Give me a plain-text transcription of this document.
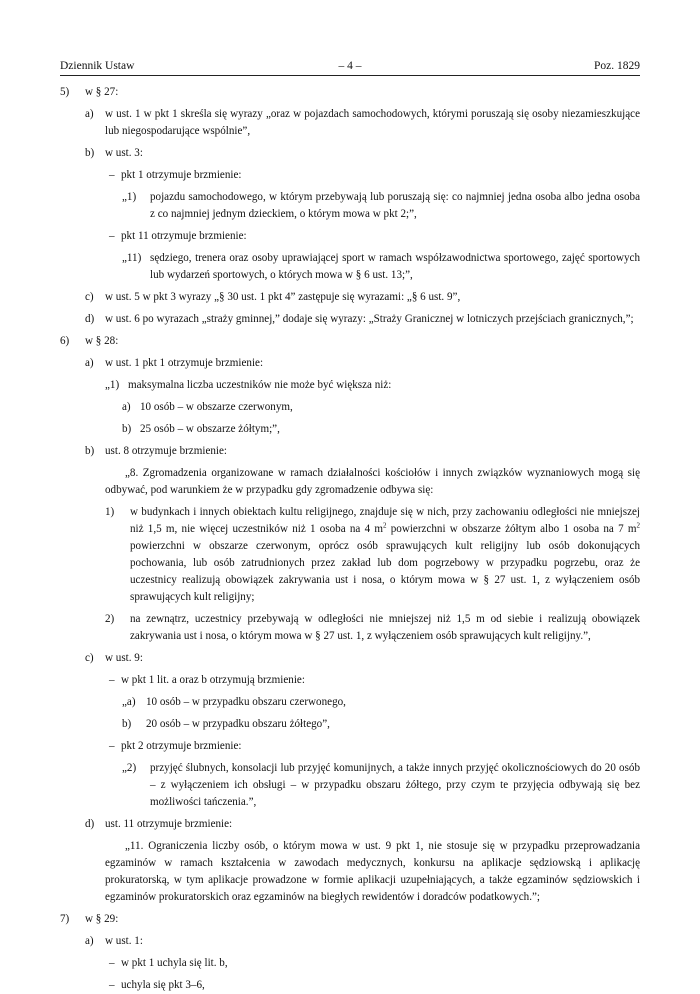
Dziennik Ustaw	– 4 –	Poz. 1829
5) w § 27:
a) w ust. 1 w pkt 1 skreśla się wyrazy „oraz w pojazdach samochodowych, którymi poruszają się osoby niezamieszkujące lub niegospodarujące wspólnie”,
b) w ust. 3:
– pkt 1 otrzymuje brzmienie:
„1) pojazdu samochodowego, w którym przebywają lub poruszają się: co najmniej jedna osoba albo jedna osoba z co najmniej jednym dzieckiem, o którym mowa w pkt 2;”,
– pkt 11 otrzymuje brzmienie:
„11) sędziego, trenera oraz osoby uprawiającej sport w ramach współzawodnictwa sportowego, zajęć sportowych lub wydarzeń sportowych, o których mowa w § 6 ust. 13;”,
c) w ust. 5 w pkt 3 wyrazy „§ 30 ust. 1 pkt 4” zastępuje się wyrazami: „§ 6 ust. 9”,
d) w ust. 6 po wyrazach „straży gminnej,” dodaje się wyrazy: „Straży Granicznej w lotniczych przejściach granicznych,”;
6) w § 28:
a) w ust. 1 pkt 1 otrzymuje brzmienie:
„1) maksymalna liczba uczestników nie może być większa niż:
a) 10 osób – w obszarze czerwonym,
b) 25 osób – w obszarze żółtym;”,
b) ust. 8 otrzymuje brzmienie:
„8. Zgromadzenia organizowane w ramach działalności kościołów i innych związków wyznaniowych mogą się odbywać, pod warunkiem że w przypadku gdy zgromadzenie odbywa się:
1) w budynkach i innych obiektach kultu religijnego, znajduje się w nich, przy zachowaniu odległości nie mniejszej niż 1,5 m, nie więcej uczestników niż 1 osoba na 4 $m^2$ powierzchni w obszarze żółtym albo 1 osoba na 7 $m^2$ powierzchni w obszarze czerwonym, oprócz osób sprawujących kult religijny lub osób dokonujących pochowania, lub osób zatrudnionych przez zakład lub dom pogrzebowy w przypadku pogrzebu, oraz że uczestnicy realizują obowiązek zakrywania ust i nosa, o którym mowa w § 27 ust. 1, z wyłączeniem osób sprawujących kult religijny;
2) na zewnątrz, uczestnicy przebywają w odległości nie mniejszej niż 1,5 m od siebie i realizują obowiązek zakrywania ust i nosa, o którym mowa w § 27 ust. 1, z wyłączeniem osób sprawujących kult religijny.”,
c) w ust. 9:
– w pkt 1 lit. a oraz b otrzymują brzmienie:
„a) 10 osób – w przypadku obszaru czerwonego,
b) 20 osób – w przypadku obszaru żółtego”,
– pkt 2 otrzymuje brzmienie:
„2) przyjęć ślubnych, konsolacji lub przyjęć komunijnych, a także innych przyjęć okolicznościowych do 20 osób – z wyłączeniem ich obsługi – w przypadku obszaru żółtego, przy czym te przyjęcia odbywają się bez możliwości tańczenia.”,
d) ust. 11 otrzymuje brzmienie:
„11. Ograniczenia liczby osób, o którym mowa w ust. 9 pkt 1, nie stosuje się w przypadku przeprowadzania egzaminów w ramach kształcenia w zawodach medycznych, konkursu na aplikacje sędziowską i aplikację prokuratorską, w tym aplikacje prowadzone w formie aplikacji uzupełniających, a także egzaminów sędziowskich i egzaminów prokuratorskich oraz egzaminów na biegłych rewidentów i doradców podatkowych.”;
7) w § 29:
a) w ust. 1:
– w pkt 1 uchyla się lit. b,
– uchyla się pkt 3–6,
